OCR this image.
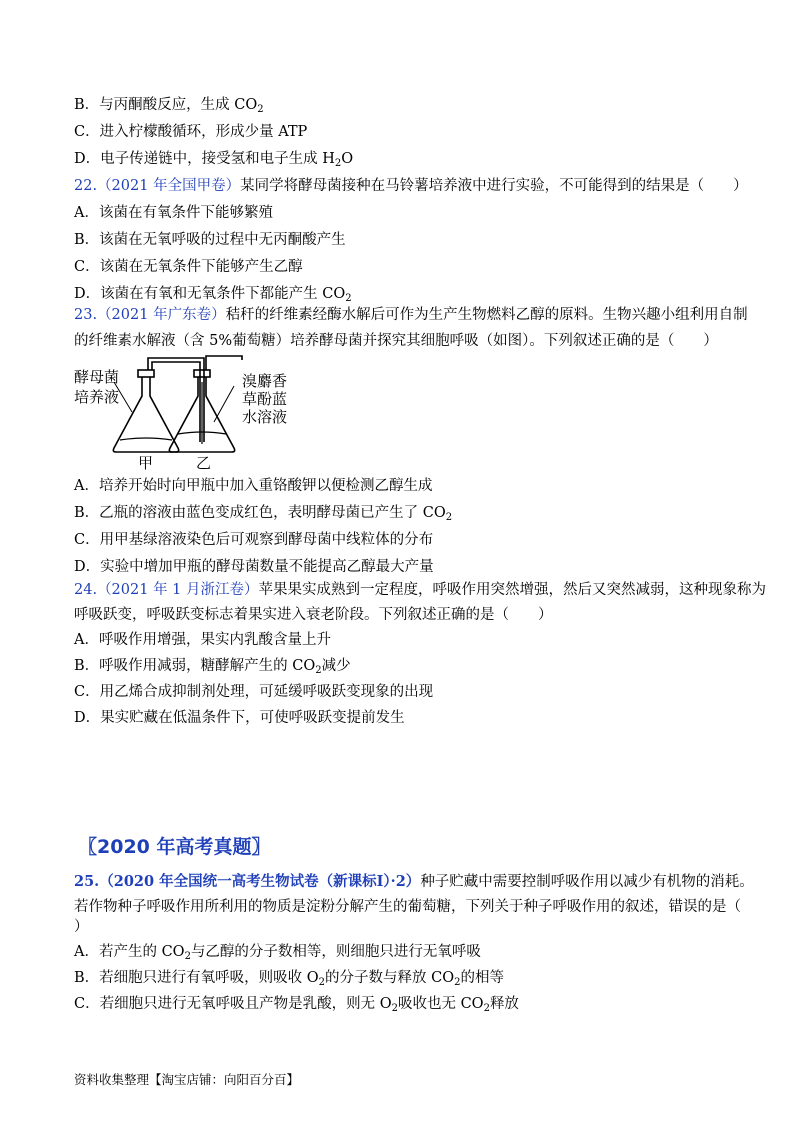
B．与丙酮酸反应，生成 $CO_2$
C．进入柠檬酸循环，形成少量 ATP
D．电子传递链中，接受氢和电子生成 $H_2O$
22.（2021 年全国甲卷）某同学将酵母菌接种在马铃薯培养液中进行实验，不可能得到的结果是（　　）
A．该菌在有氧条件下能够繁殖
B．该菌在无氧呼吸的过程中无丙酮酸产生
C．该菌在无氧条件下能够产生乙醇
D．该菌在有氧和无氧条件下都能产生 $CO_2$
23.（2021 年广东卷）秸秆的纤维素经酶水解后可作为生产生物燃料乙醇的原料。生物兴趣小组利用自制
的纤维素水解液（含 5%葡萄糖）培养酵母菌并探究其细胞呼吸（如图）。下列叙述正确的是（　　）
酵母菌
培养液
溴麝香
草酚蓝
水溶液
甲	乙
A．培养开始时向甲瓶中加入重铬酸钾以便检测乙醇生成
B．乙瓶的溶液由蓝色变成红色，表明酵母菌已产生了 $CO_2$
C．用甲基绿溶液染色后可观察到酵母菌中线粒体的分布
D．实验中增加甲瓶的酵母菌数量不能提高乙醇最大产量
24.（2021 年 1 月浙江卷）苹果果实成熟到一定程度，呼吸作用突然增强，然后又突然减弱，这种现象称为
呼吸跃变，呼吸跃变标志着果实进入衰老阶段。下列叙述正确的是（　　）
A．呼吸作用增强，果实内乳酸含量上升
B．呼吸作用减弱，糖酵解产生的 $CO_2$减少
C．用乙烯合成抑制剂处理，可延缓呼吸跃变现象的出现
D．果实贮藏在低温条件下，可使呼吸跃变提前发生
〖2020 年高考真题〗
25.（2020 年全国统一高考生物试卷（新课标Ⅰ）·2）种子贮藏中需要控制呼吸作用以减少有机物的消耗。
若作物种子呼吸作用所利用的物质是淀粉分解产生的葡萄糖，下列关于种子呼吸作用的叙述，错误的是（
）
A．若产生的 $CO_2$与乙醇的分子数相等，则细胞只进行无氧呼吸
B．若细胞只进行有氧呼吸，则吸收 $O_2$的分子数与释放 $CO_2$的相等
C．若细胞只进行无氧呼吸且产物是乳酸，则无 $O_2$吸收也无 $CO_2$释放
资料收集整理【淘宝店铺：向阳百分百】
